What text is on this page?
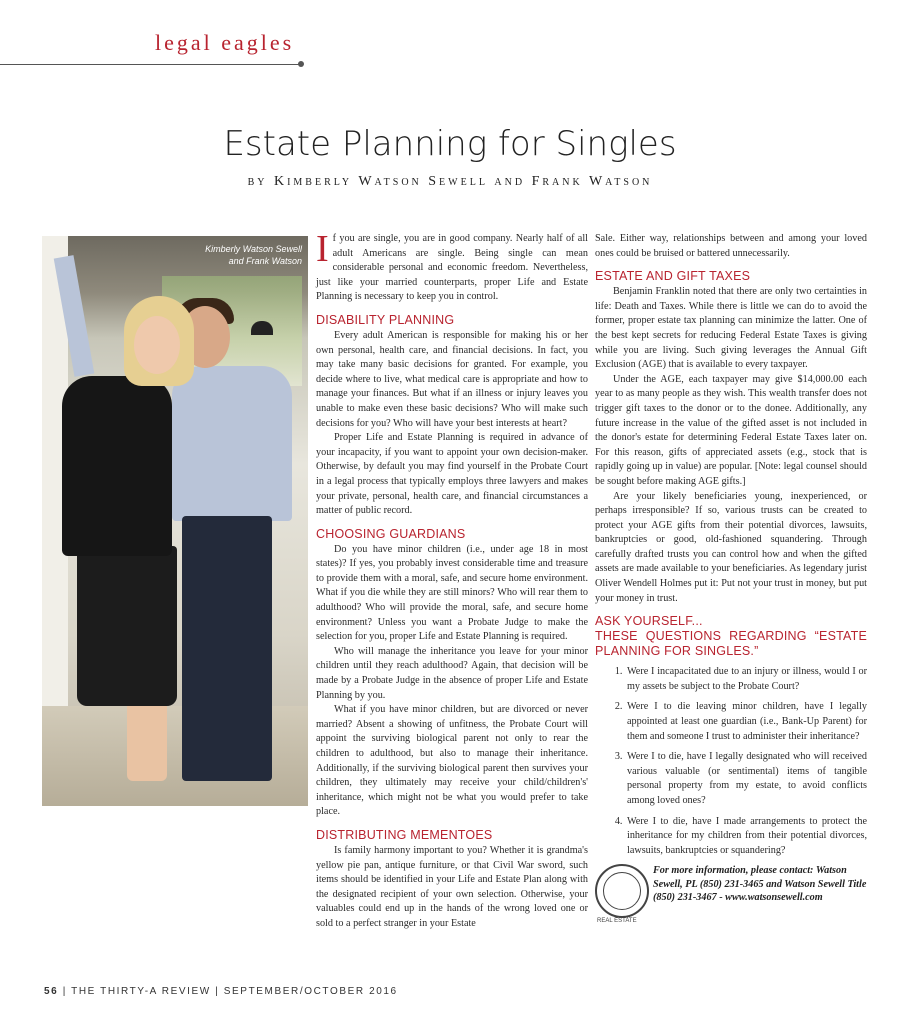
legal eagles
Estate Planning for Singles
by Kimberly Watson Sewell and Frank Watson
Kimberly Watson Sewell
and Frank Watson If you are single, you are in good company. Nearly half of all adult Americans are single. Being single can mean considerable personal and economic freedom. Nevertheless, just like your married counterparts, proper Life and Estate Planning is necessary to keep you in control.

DISABILITY PLANNING

Every adult American is responsible for making his or her own personal, health care, and financial decisions. In fact, you may take many basic decisions for granted. For example, you decide where to live, what medical care is appropriate and how to manage your finances. But what if an illness or injury leaves you unable to make even these basic decisions? Who will make such decisions for you? Who will have your best interests at heart?

Proper Life and Estate Planning is required in advance of your incapacity, if you want to appoint your own decision-maker. Otherwise, by default you may find yourself in the Probate Court in a legal process that typically employs three lawyers and makes your private, personal, health care, and financial circumstances a matter of public record.

CHOOSING GUARDIANS

Do you have minor children (i.e., under age 18 in most states)? If yes, you probably invest considerable time and treasure to provide them with a moral, safe, and secure home environment. What if you die while they are still minors? Who will rear them to adulthood? Who will provide the moral, safe, and secure home environment? Unless you want a Probate Judge to make the selection for you, proper Life and Estate Planning is required.

Who will manage the inheritance you leave for your minor children until they reach adulthood? Again, that decision will be made by a Probate Judge in the absence of proper Life and Estate Planning by you.

What if you have minor children, but are divorced or never married? Absent a showing of unfitness, the Probate Court will appoint the surviving biological parent not only to rear the children to adulthood, but also to manage their inheritance. Additionally, if the surviving biological parent then survives your children, they ultimately may receive your child/children's' inheritance, which might not be what you would prefer to take place.

DISTRIBUTING MEMENTOES

Is family harmony important to you? Whether it is grandma's yellow pie pan, antique furniture, or that Civil War sword, such items should be identified in your Life and Estate Plan along with the designated recipient of your own selection. Otherwise, your valuables could end up in the hands of the wrong loved one or sold to a perfect stranger in your Estate

Sale. Either way, relationships between and among your loved ones could be bruised or battered unnecessarily.

ESTATE AND GIFT TAXES

Benjamin Franklin noted that there are only two certainties in life: Death and Taxes. While there is little we can do to avoid the former, proper estate tax planning can minimize the latter. One of the best kept secrets for reducing Federal Estate Taxes is giving while you are living. Such giving leverages the Annual Gift Exclusion (AGE) that is available to every taxpayer.

Under the AGE, each taxpayer may give $14,000.00 each year to as many people as they wish. This wealth transfer does not trigger gift taxes to the donor or to the donee. Additionally, any future increase in the value of the gifted asset is not included in the donor's estate for determining Federal Estate Taxes later on. For this reason, gifts of appreciated assets (e.g., stock that is rapidly going up in value) are popular. [Note: legal counsel should be sought before making AGE gifts.]

Are your likely beneficiaries young, inexperienced, or perhaps irresponsible? If so, various trusts can be created to protect your AGE gifts from their potential divorces, lawsuits, bankruptcies or good, old-fashioned squandering. Through carefully drafted trusts you can control how and when the gifted assets are made available to your beneficiaries. As legendary jurist Oliver Wendell Holmes put it: Put not your trust in money, but put your money in trust.

ASK YOURSELF...
THESE QUESTIONS REGARDING “ESTATE PLANNING FOR SINGLES.”
1. Were I incapacitated due to an injury or illness, would I or my assets be subject to the Probate Court?
2. Were I to die leaving minor children, have I legally appointed at least one guardian (i.e., Bank-Up Parent) for them and someone I trust to administer their inheritance?
3. Were I to die, have I legally designated who will received various valuable (or sentimental) items of tangible personal property from my estate, to avoid conflicts among loved ones?
4. Were I to die, have I made arrangements to protect the inheritance for my children from their potential divorces, lawsuits, bankruptcies or squandering?
REAL ESTATE
For more information, please contact: Watson Sewell, PL (850) 231-3465 and Watson Sewell Title (850) 231-3467 - www.watsonsewell.com
56 | THE THIRTY-A REVIEW | SEPTEMBER/OCTOBER 2016
